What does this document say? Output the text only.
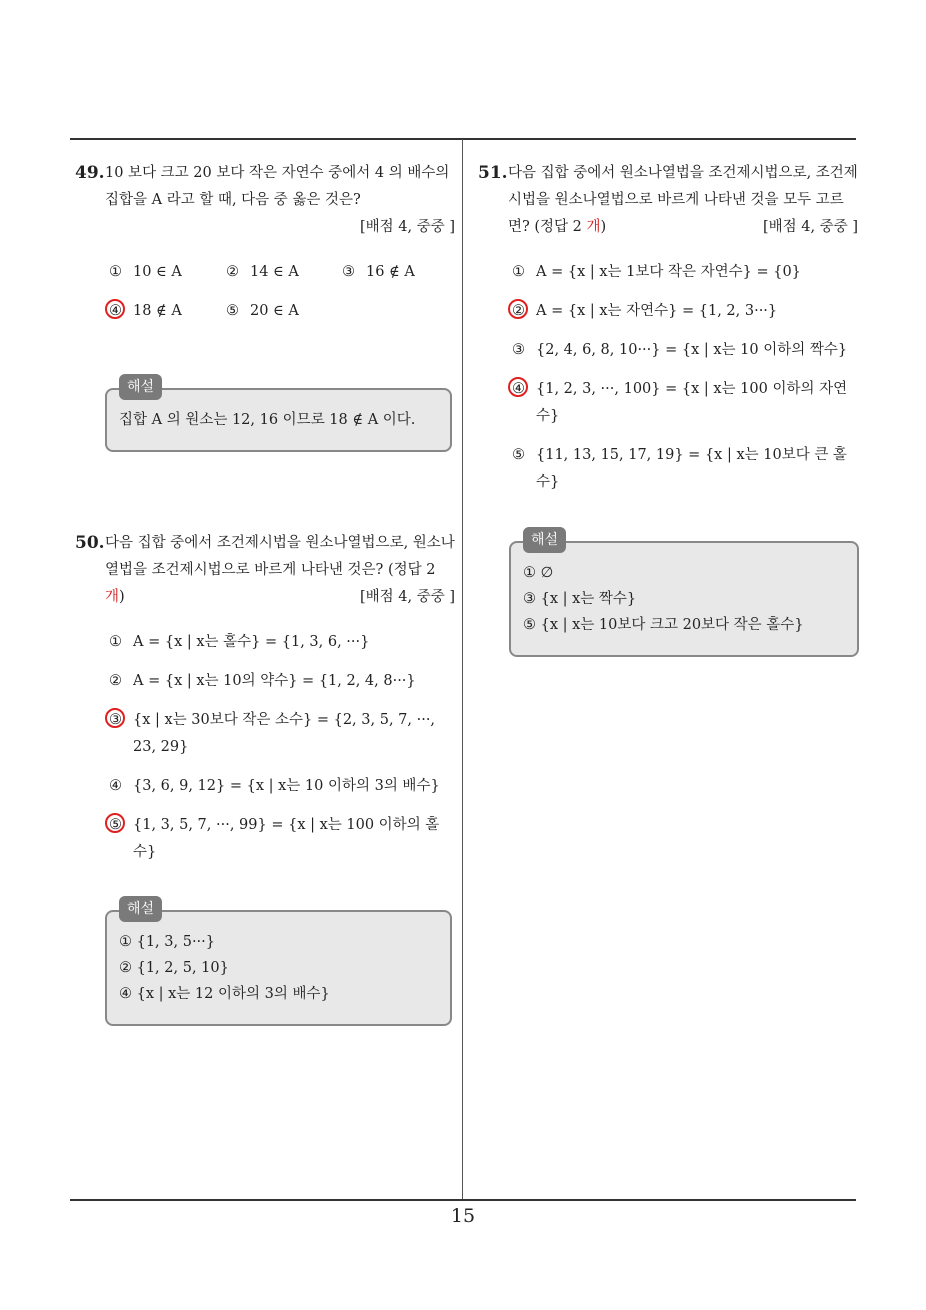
49. 10 보다 크고 20 보다 작은 자연수 중에서 4 의 배수의 집합을 A 라고 할 때, 다음 중 옳은 것은?
[배점 4, 중중 ]
① 10 ∈ A	② 14 ∈ A	③ 16 ∉ A
④ 18 ∉ A	⑤ 20 ∈ A
해설
집합 A 의 원소는 12, 16 이므로 18 ∉ A 이다.
50. 다음 집합 중에서 조건제시법을 원소나열법으로, 원소나열법을 조건제시법으로 바르게 나타낸 것은? (정답 2 개)	[배점 4, 중중 ]
① A = {x | x는 홀수} = {1, 3, 6, ···}
② A = {x | x는 10의 약수} = {1, 2, 4, 8···}
③ {x | x는 30보다 작은 소수} = {2, 3, 5, 7, ···, 23, 29}
④ {3, 6, 9, 12} = {x | x는 10 이하의 3의 배수}
⑤ {1, 3, 5, 7, ···, 99} = {x | x는 100 이하의 홀수}
해설
① {1, 3, 5···}
② {1, 2, 5, 10}
④ {x | x는 12 이하의 3의 배수}
51. 다음 집합 중에서 원소나열법을 조건제시법으로, 조건제시법을 원소나열법으로 바르게 나타낸 것을 모두 고르면? (정답 2 개)	[배점 4, 중중 ]
① A = {x | x는 1보다 작은 자연수} = {0}
② A = {x | x는 자연수} = {1, 2, 3···}
③ {2, 4, 6, 8, 10···} = {x | x는 10 이하의 짝수}
④ {1, 2, 3, ···, 100} = {x | x는 100 이하의 자연수}
⑤ {11, 13, 15, 17, 19} = {x | x는 10보다 큰 홀수}
해설
① ∅
③ {x | x는 짝수}
⑤ {x | x는 10보다 크고 20보다 작은 홀수}
15
